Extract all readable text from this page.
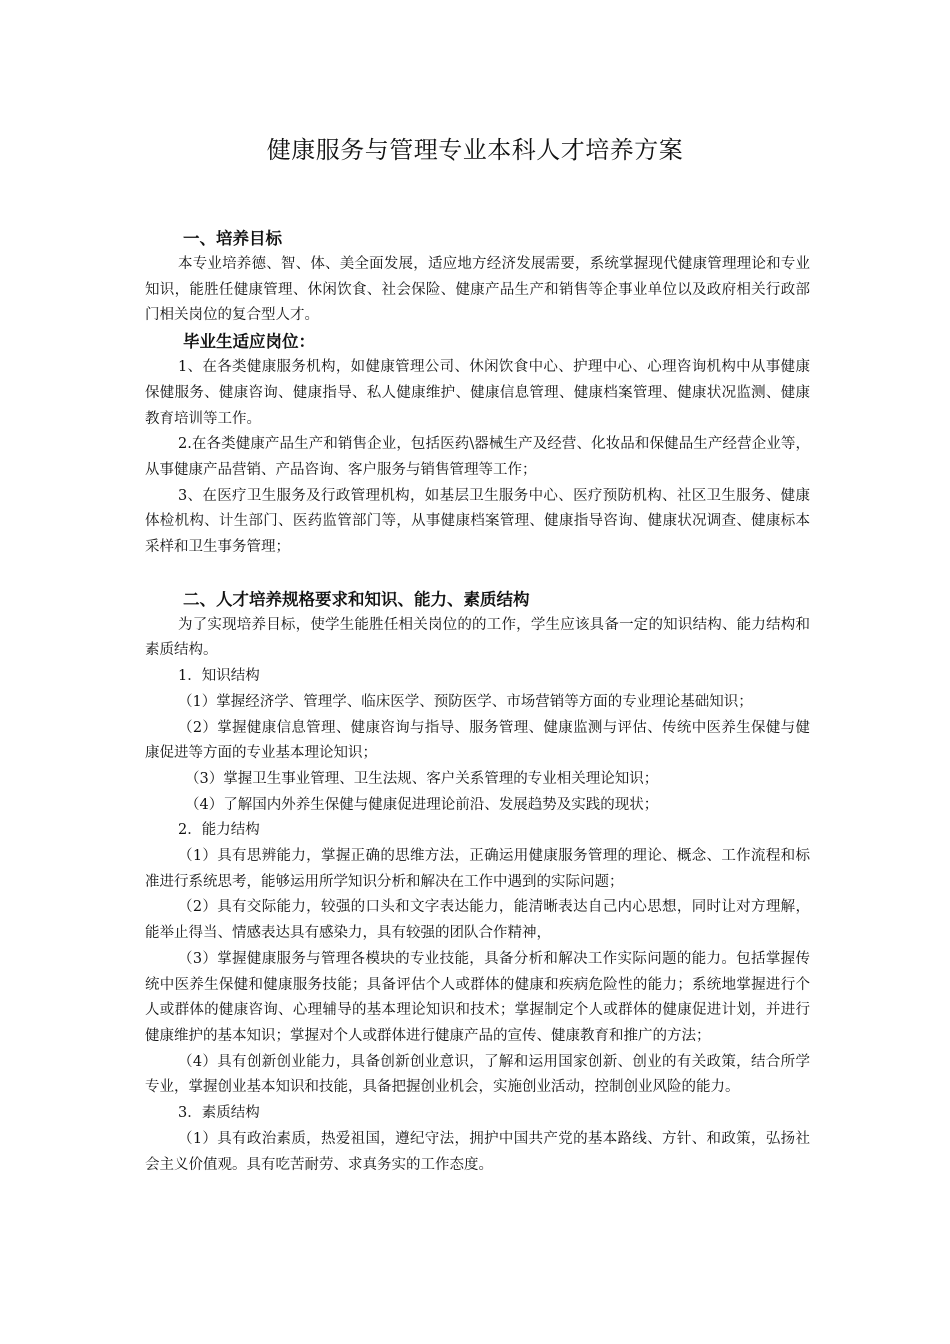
健康服务与管理专业本科人才培养方案
一、培养目标

本专业培养德、智、体、美全面发展，适应地方经济发展需要，系统掌握现代健康管理理论和专业知识，能胜任健康管理、休闲饮食、社会保险、健康产品生产和销售等企事业单位以及政府相关行政部门相关岗位的复合型人才。

毕业生适应岗位：

1、在各类健康服务机构，如健康管理公司、休闲饮食中心、护理中心、心理咨询机构中从事健康保健服务、健康咨询、健康指导、私人健康维护、健康信息管理、健康档案管理、健康状况监测、健康教育培训等工作。

2.在各类健康产品生产和销售企业，包括医药\器械生产及经营、化妆品和保健品生产经营企业等，从事健康产品营销、产品咨询、客户服务与销售管理等工作；

3、在医疗卫生服务及行政管理机构，如基层卫生服务中心、医疗预防机构、社区卫生服务、健康体检机构、计生部门、医药监管部门等，从事健康档案管理、健康指导咨询、健康状况调查、健康标本采样和卫生事务管理；

二、人才培养规格要求和知识、能力、素质结构

为了实现培养目标，使学生能胜任相关岗位的的工作，学生应该具备一定的知识结构、能力结构和素质结构。

1．知识结构

（1）掌握经济学、管理学、临床医学、预防医学、市场营销等方面的专业理论基础知识；

（2）掌握健康信息管理、健康咨询与指导、服务管理、健康监测与评估、传统中医养生保健与健康促进等方面的专业基本理论知识；

（3）掌握卫生事业管理、卫生法规、客户关系管理的专业相关理论知识；

（4）了解国内外养生保健与健康促进理论前沿、发展趋势及实践的现状；

2．能力结构

（1）具有思辨能力，掌握正确的思维方法，正确运用健康服务管理的理论、概念、工作流程和标准进行系统思考，能够运用所学知识分析和解决在工作中遇到的实际问题；

（2）具有交际能力，较强的口头和文字表达能力，能清晰表达自己内心思想，同时让对方理解，能举止得当、情感表达具有感染力，具有较强的团队合作精神，

（3）掌握健康服务与管理各模块的专业技能，具备分析和解决工作实际问题的能力。包括掌握传统中医养生保健和健康服务技能；具备评估个人或群体的健康和疾病危险性的能力；系统地掌握进行个人或群体的健康咨询、心理辅导的基本理论知识和技术；掌握制定个人或群体的健康促进计划，并进行健康维护的基本知识；掌握对个人或群体进行健康产品的宣传、健康教育和推广的方法；

（4）具有创新创业能力，具备创新创业意识，了解和运用国家创新、创业的有关政策，结合所学专业，掌握创业基本知识和技能，具备把握创业机会，实施创业活动，控制创业风险的能力。

3．素质结构

（1）具有政治素质，热爱祖国，遵纪守法，拥护中国共产党的基本路线、方针、和政策，弘扬社会主义价值观。具有吃苦耐劳、求真务实的工作态度。
